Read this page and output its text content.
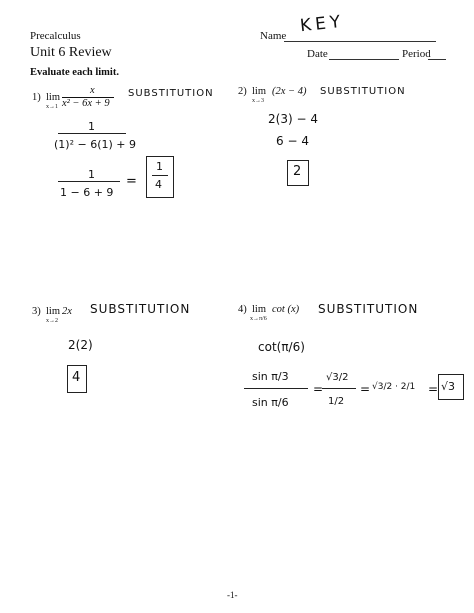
Precalculus	Name KEY
Unit 6 Review	Date	Period
Evaluate each limit.
1) lim
x→1
x
x² − 6x + 9
SUBSTITUTION
1
(1)² − 6(1) + 9
1
1 − 6 + 9
=
1
4
2) lim
x→3
(2x − 4) SUBSTITUTION
2(3) − 4
6 − 4
2
3) lim
x→2
2x SUBSTITUTION
2(2)
4
4) lim
x→π/6
cot (x) SUBSTITUTION
cot(π/6)
sin π/3
sin π/6
=
√3/2
1/2
= √3/2 · 2/1 = √3
-1-
